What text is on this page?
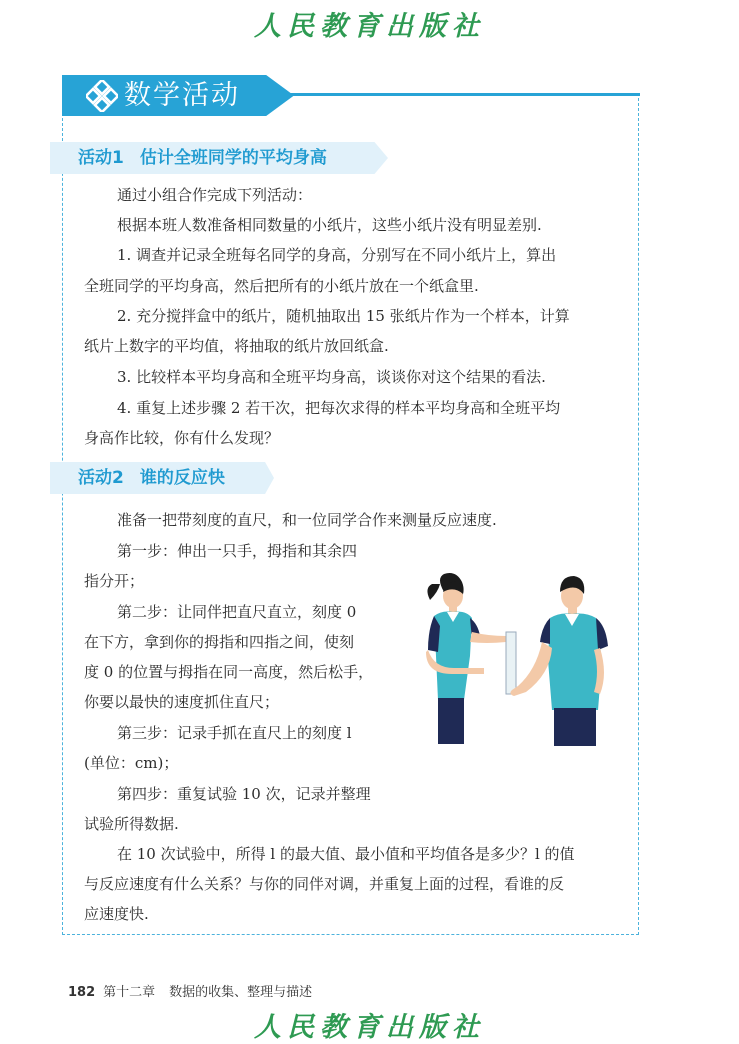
人民教育出版社
数学活动
活动1 估计全班同学的平均身高
通过小组合作完成下列活动：
根据本班人数准备相同数量的小纸片，这些小纸片没有明显差别.
1. 调查并记录全班每名同学的身高，分别写在不同小纸片上，算出
全班同学的平均身高，然后把所有的小纸片放在一个纸盒里.
2. 充分搅拌盒中的纸片，随机抽取出 15 张纸片作为一个样本，计算
纸片上数字的平均值，将抽取的纸片放回纸盒.
3. 比较样本平均身高和全班平均身高，谈谈你对这个结果的看法.
4. 重复上述步骤 2 若干次，把每次求得的样本平均身高和全班平均
身高作比较，你有什么发现？
活动2 谁的反应快
准备一把带刻度的直尺，和一位同学合作来测量反应速度.
第一步：伸出一只手，拇指和其余四
指分开；
第二步：让同伴把直尺直立，刻度 0
在下方，拿到你的拇指和四指之间，使刻
度 0 的位置与拇指在同一高度，然后松手，
你要以最快的速度抓住直尺；
第三步：记录手抓在直尺上的刻度 l
(单位：cm)；
第四步：重复试验 10 次，记录并整理
试验所得数据.
在 10 次试验中，所得 l 的最大值、最小值和平均值各是多少？l 的值
与反应速度有什么关系？与你的同伴对调，并重复上面的过程，看谁的反
应速度快.
182 第十二章 数据的收集、整理与描述
人民教育出版社
